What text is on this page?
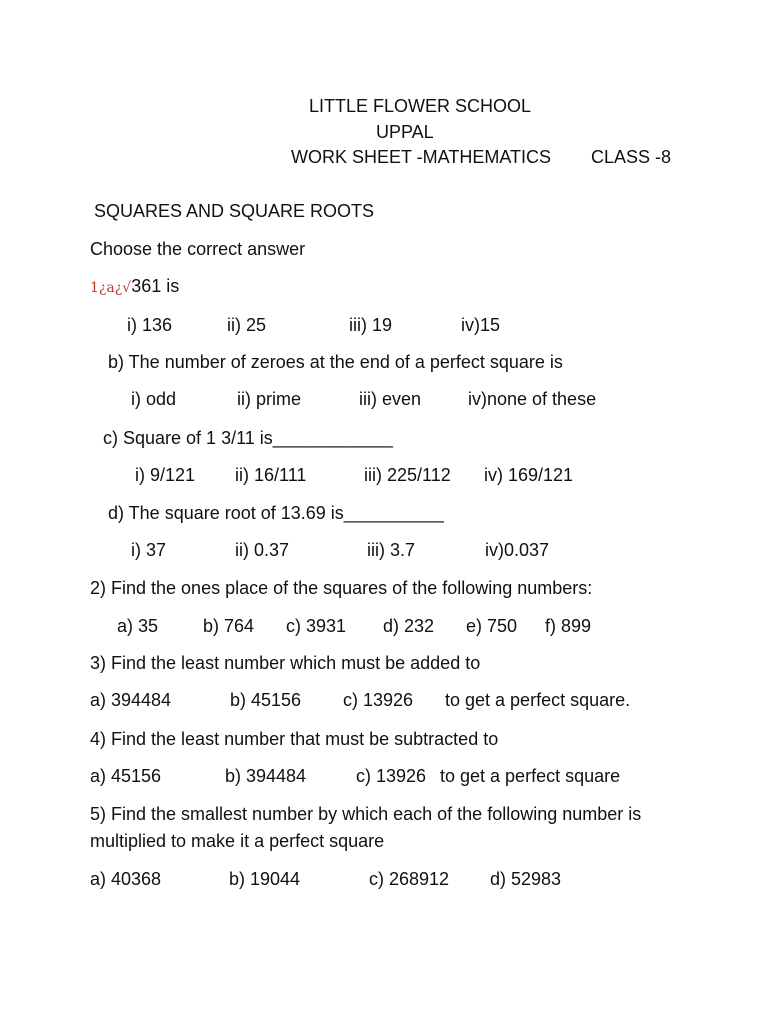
LITTLE FLOWER SCHOOL
UPPAL
WORK SHEET -MATHEMATICS CLASS -8
SQUARES AND SQUARE ROOTS
Choose the correct answer
1¿a¿√361 is
i) 136	ii) 25	iii) 19	iv)15
b) The number of zeroes at the end of a perfect square is
i) odd	ii) prime	iii) even	iv)none of these
c) Square of 1 3/11 is____________
i) 9/121 ii) 16/111	iii) 225/112 iv) 169/121
d) The square root of 13.69 is__________
i) 37	ii) 0.37	iii) 3.7	iv)0.037
2) Find the ones place of the squares of the following numbers:
a) 35 b) 764 c) 3931 d) 232 e) 750 f) 899
3) Find the least number which must be added to
a) 394484	b) 45156 c) 13926 to get a perfect square.
4) Find the least number that must be subtracted to
a) 45156	b) 394484	c) 13926 to get a perfect square
5) Find the smallest number by which each of the following number is
multiplied to make it a perfect square
a) 40368	b) 19044	c) 268912 d) 52983
